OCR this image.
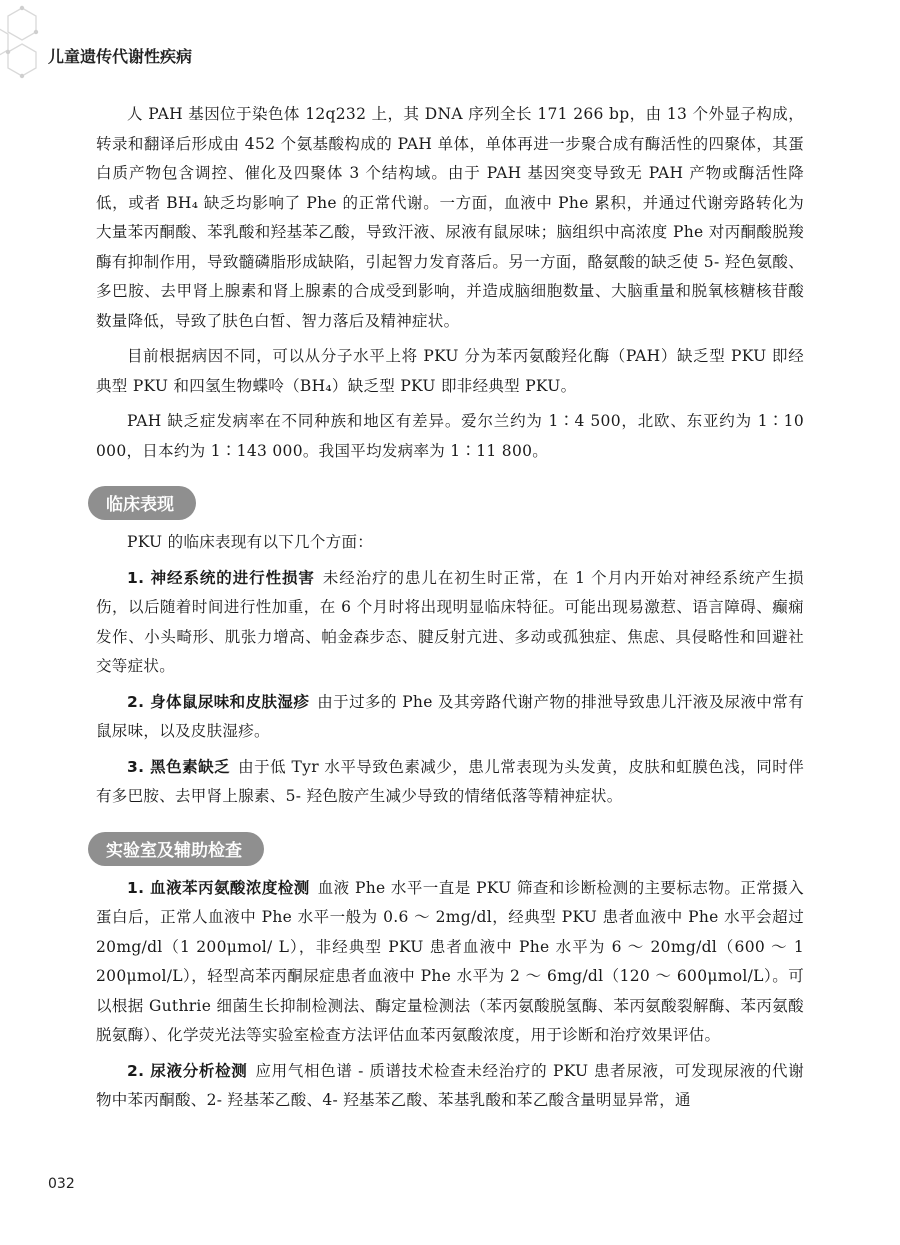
儿童遗传代谢性疾病

人 PAH 基因位于染色体 12q232 上，其 DNA 序列全长 171 266 bp，由 13 个外显子构成，转录和翻译后形成由 452 个氨基酸构成的 PAH 单体，单体再进一步聚合成有酶活性的四聚体，其蛋白质产物包含调控、催化及四聚体 3 个结构域。由于 PAH 基因突变导致无 PAH 产物或酶活性降低，或者 BH₄ 缺乏均影响了 Phe 的正常代谢。一方面，血液中 Phe 累积，并通过代谢旁路转化为大量苯丙酮酸、苯乳酸和羟基苯乙酸，导致汗液、尿液有鼠尿味；脑组织中高浓度 Phe 对丙酮酸脱羧酶有抑制作用，导致髓磷脂形成缺陷，引起智力发育落后。另一方面，酪氨酸的缺乏使 5- 羟色氨酸、多巴胺、去甲肾上腺素和肾上腺素的合成受到影响，并造成脑细胞数量、大脑重量和脱氧核糖核苷酸数量降低，导致了肤色白皙、智力落后及精神症状。

目前根据病因不同，可以从分子水平上将 PKU 分为苯丙氨酸羟化酶（PAH）缺乏型 PKU 即经典型 PKU 和四氢生物蝶呤（BH₄）缺乏型 PKU 即非经典型 PKU。

PAH 缺乏症发病率在不同种族和地区有差异。爱尔兰约为 1∶4 500，北欧、东亚约为 1∶10 000，日本约为 1∶143 000。我国平均发病率为 1∶11 800。

临床表现

PKU 的临床表现有以下几个方面：

1. 神经系统的进行性损害 未经治疗的患儿在初生时正常，在 1 个月内开始对神经系统产生损伤，以后随着时间进行性加重，在 6 个月时将出现明显临床特征。可能出现易激惹、语言障碍、癫痫发作、小头畸形、肌张力增高、帕金森步态、腱反射亢进、多动或孤独症、焦虑、具侵略性和回避社交等症状。

2. 身体鼠尿味和皮肤湿疹 由于过多的 Phe 及其旁路代谢产物的排泄导致患儿汗液及尿液中常有鼠尿味，以及皮肤湿疹。

3. 黑色素缺乏 由于低 Tyr 水平导致色素减少，患儿常表现为头发黄，皮肤和虹膜色浅，同时伴有多巴胺、去甲肾上腺素、5- 羟色胺产生减少导致的情绪低落等精神症状。

实验室及辅助检查

1. 血液苯丙氨酸浓度检测 血液 Phe 水平一直是 PKU 筛查和诊断检测的主要标志物。正常摄入蛋白后，正常人血液中 Phe 水平一般为 0.6 ～ 2mg/dl，经典型 PKU 患者血液中 Phe 水平会超过 20mg/dl（1 200μmol/ L），非经典型 PKU 患者血液中 Phe 水平为 6 ～ 20mg/dl（600 ～ 1 200μmol/L），轻型高苯丙酮尿症患者血液中 Phe 水平为 2 ～ 6mg/dl（120 ～ 600μmol/L）。可以根据 Guthrie 细菌生长抑制检测法、酶定量检测法（苯丙氨酸脱氢酶、苯丙氨酸裂解酶、苯丙氨酸脱氨酶）、化学荧光法等实验室检查方法评估血苯丙氨酸浓度，用于诊断和治疗效果评估。

2. 尿液分析检测 应用气相色谱 - 质谱技术检查未经治疗的 PKU 患者尿液，可发现尿液的代谢物中苯丙酮酸、2- 羟基苯乙酸、4- 羟基苯乙酸、苯基乳酸和苯乙酸含量明显异常，通

032
